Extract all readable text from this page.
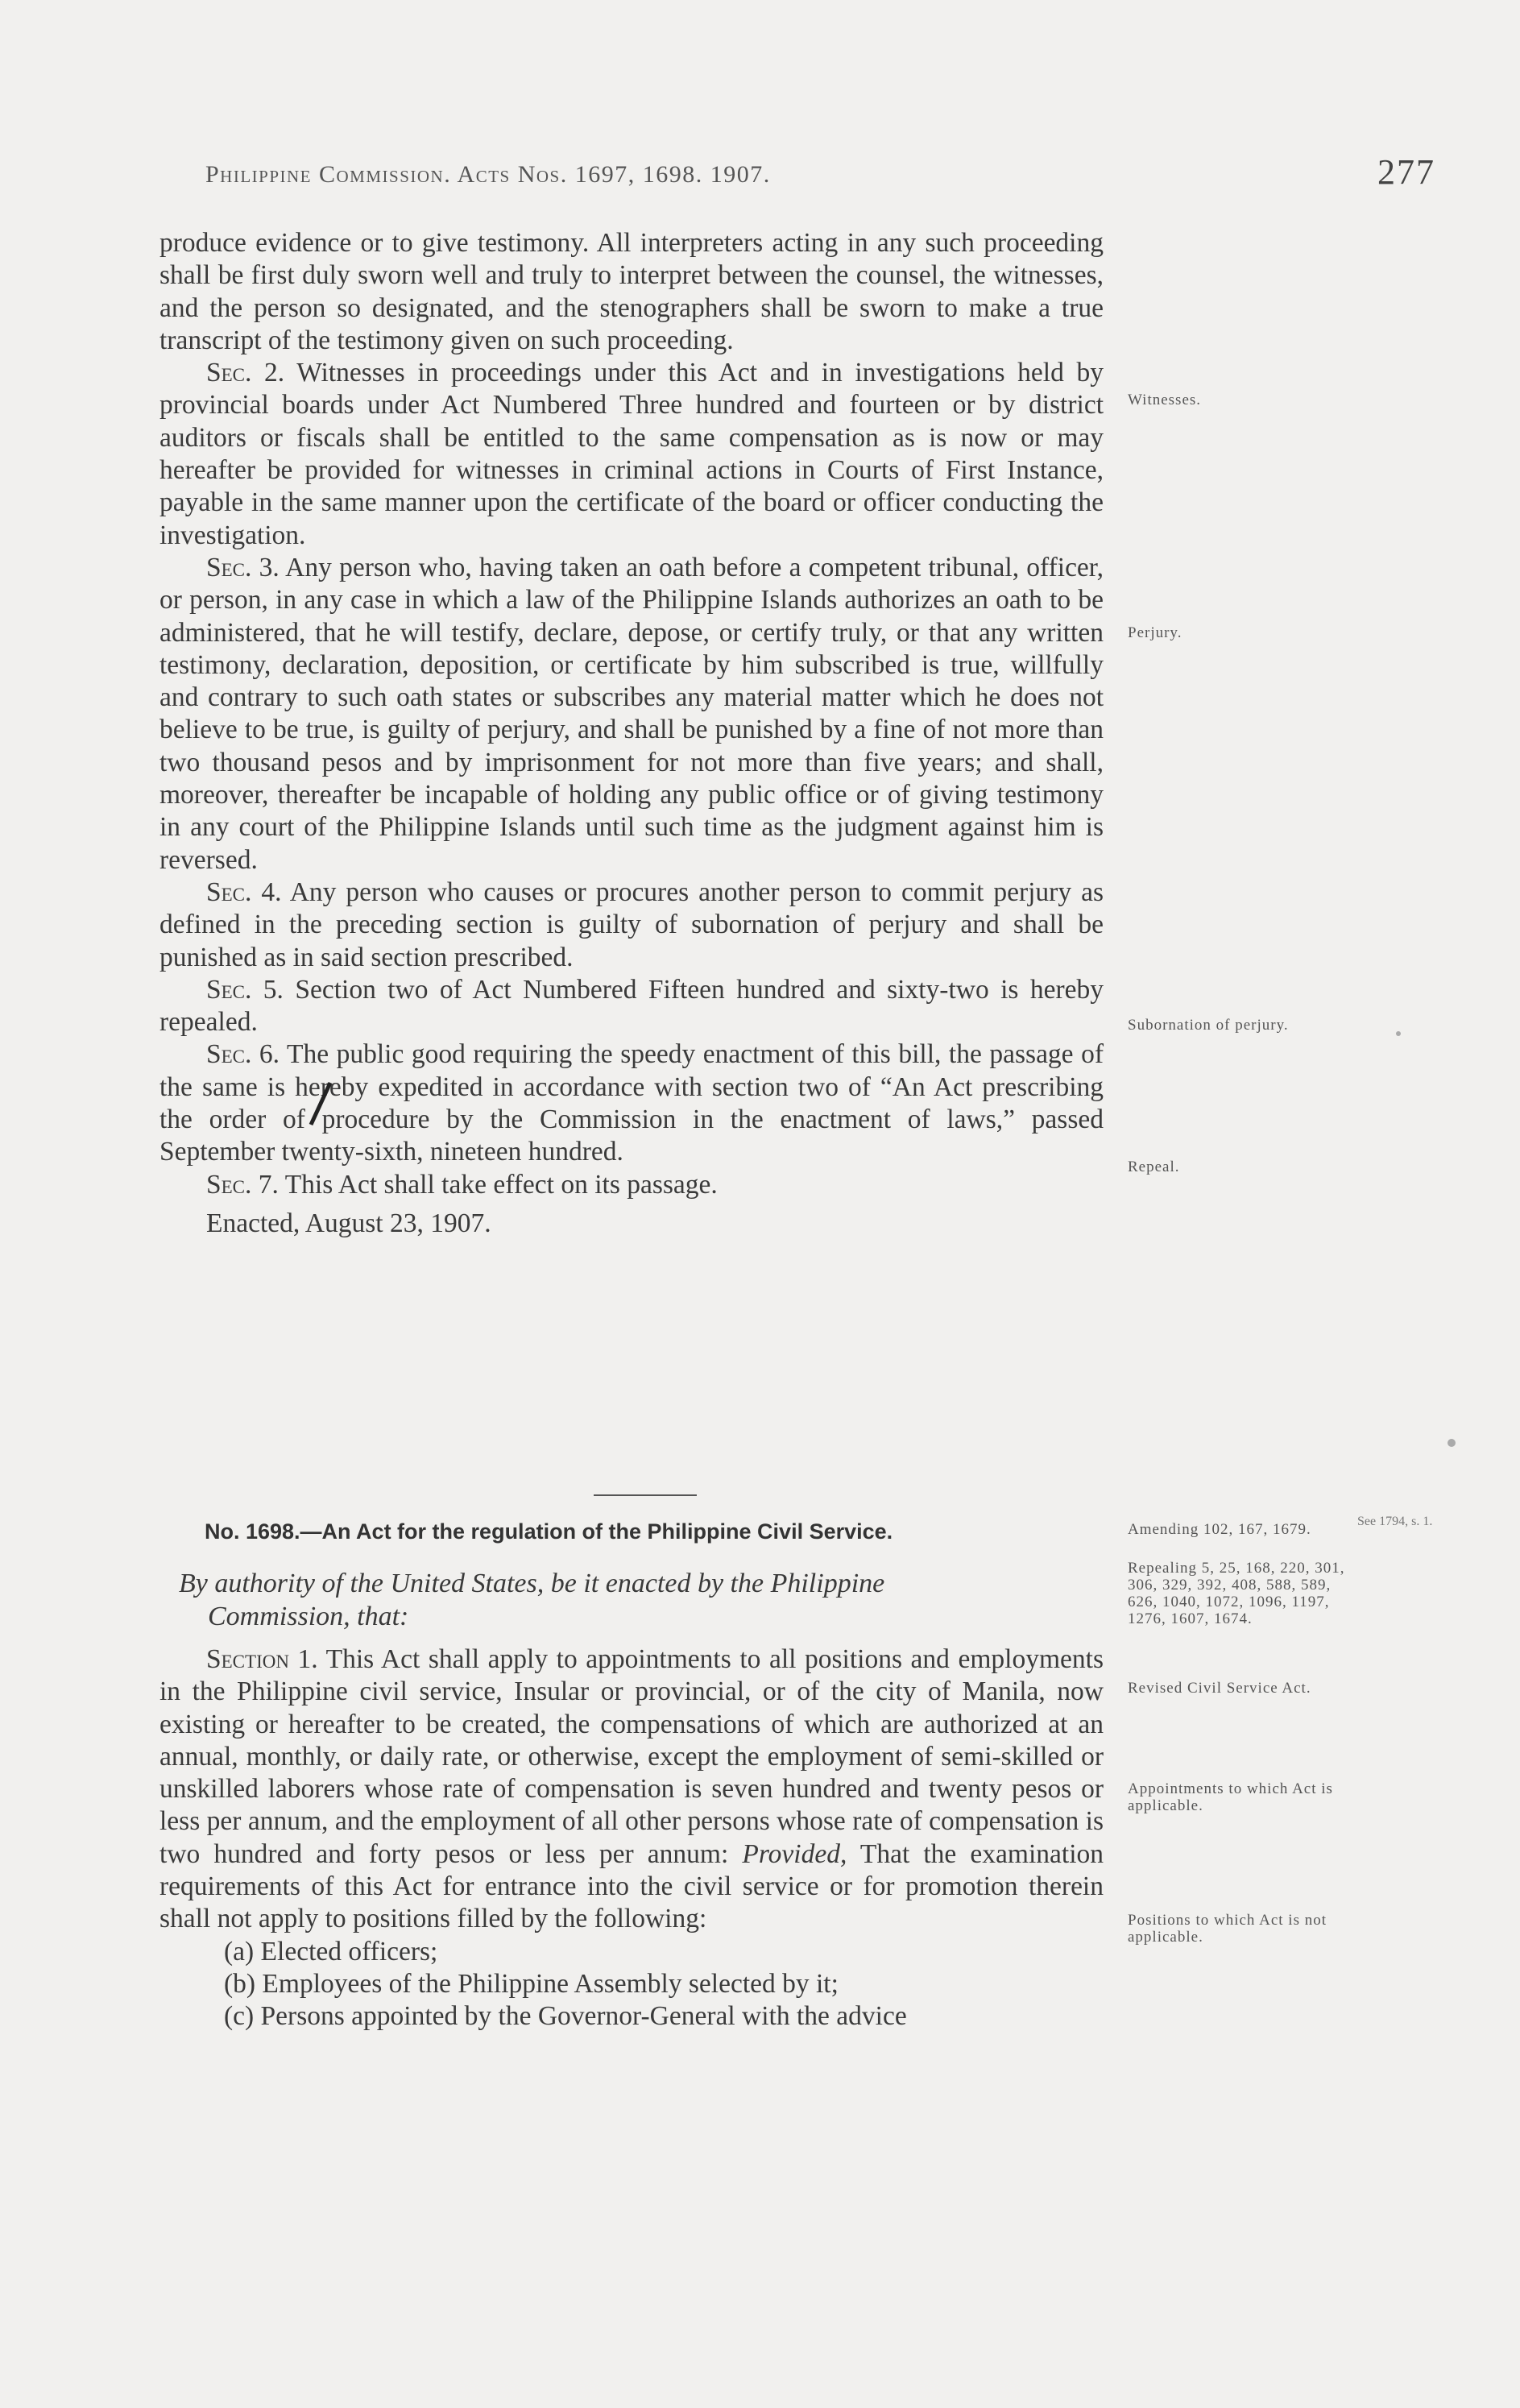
Philippine Commission. Acts Nos. 1697, 1698. 1907.	277

produce evidence or to give testimony. All interpreters acting in any such proceeding shall be first duly sworn well and truly to interpret between the counsel, the witnesses, and the person so designated, and the stenographers shall be sworn to make a true transcript of the testimony given on such proceeding.

Sec. 2. Witnesses in proceedings under this Act and in investigations held by provincial boards under Act Numbered Three hundred and fourteen or by district auditors or fiscals shall be entitled to the same compensation as is now or may hereafter be provided for witnesses in criminal actions in Courts of First Instance, payable in the same manner upon the certificate of the board or officer conducting the investigation.

Sec. 3. Any person who, having taken an oath before a competent tribunal, officer, or person, in any case in which a law of the Philippine Islands authorizes an oath to be administered, that he will testify, declare, depose, or certify truly, or that any written testimony, declaration, deposition, or certificate by him subscribed is true, willfully and contrary to such oath states or subscribes any material matter which he does not believe to be true, is guilty of perjury, and shall be punished by a fine of not more than two thousand pesos and by imprisonment for not more than five years; and shall, moreover, thereafter be incapable of holding any public office or of giving testimony in any court of the Philippine Islands until such time as the judgment against him is reversed.

Sec. 4. Any person who causes or procures another person to commit perjury as defined in the preceding section is guilty of subornation of perjury and shall be punished as in said section prescribed.

Sec. 5. Section two of Act Numbered Fifteen hundred and sixty-two is hereby repealed.

Sec. 6. The public good requiring the speedy enactment of this bill, the passage of the same is hereby expedited in accordance with section two of “An Act prescribing the order of procedure by the Commission in the enactment of laws,” passed September twenty-sixth, nineteen hundred.

Sec. 7. This Act shall take effect on its passage.

Enacted, August 23, 1907.

No. 1698.—An Act for the regulation of the Philippine Civil Service.
By authority of the United States, be it enacted by the Philippine
Commission, that:

Section 1. This Act shall apply to appointments to all positions and employments in the Philippine civil service, Insular or provincial, or of the city of Manila, now existing or hereafter to be created, the compensations of which are authorized at an annual, monthly, or daily rate, or otherwise, except the employment of semi-skilled or unskilled laborers whose rate of compensation is seven hundred and twenty pesos or less per annum, and the employment of all other persons whose rate of compensation is two hundred and forty pesos or less per annum: Provided, That the examination requirements of this Act for entrance into the civil service or for promotion therein shall not apply to positions filled by the following:

(a) Elected officers;
(b) Employees of the Philippine Assembly selected by it;
(c) Persons appointed by the Governor-General with the advice
Witnesses.
Perjury.
Subornation of perjury.
Repeal.
Amending 102, 167, 1679.
Repealing 5, 25, 168, 220, 301, 306, 329, 392, 408, 588, 589, 626, 1040, 1072, 1096, 1197, 1276, 1607, 1674.
Revised Civil Service Act.
Appointments to which Act is applicable.
Positions to which Act is not applicable.
See 1794, s. 1.
